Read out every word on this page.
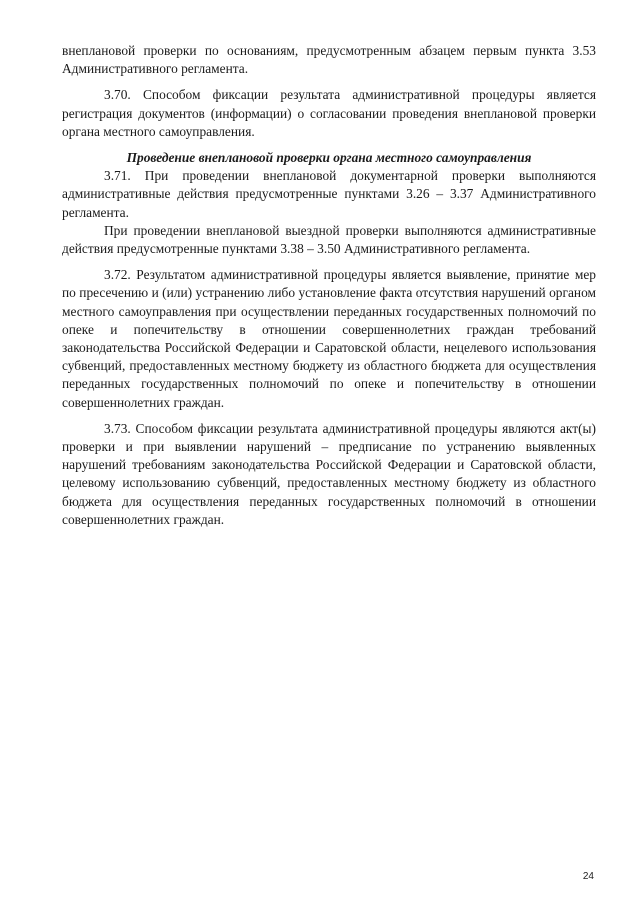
внеплановой проверки по основаниям, предусмотренным абзацем первым пункта 3.53 Административного регламента.

3.70. Способом фиксации результата административной процедуры является регистрация документов (информации) о согласовании проведения внеплановой проверки органа местного самоуправления.

Проведение внеплановой проверки органа местного самоуправления

3.71. При проведении внеплановой документарной проверки выполняются административные действия предусмотренные пунктами 3.26 – 3.37 Административного регламента.

При проведении внеплановой выездной проверки выполняются административные действия предусмотренные пунктами 3.38 – 3.50 Административного регламента.

3.72. Результатом административной процедуры является выявление, принятие мер по пресечению и (или) устранению либо установление факта отсутствия нарушений органом местного самоуправления при осуществлении переданных государственных полномочий по опеке и попечительству в отношении совершеннолетних граждан требований законодательства Российской Федерации и Саратовской области, нецелевого использования субвенций, предоставленных местному бюджету из областного бюджета для осуществления переданных государственных полномочий по опеке и попечительству в отношении совершеннолетних граждан.

3.73. Способом фиксации результата административной процедуры являются акт(ы) проверки и при выявлении нарушений – предписание по устранению выявленных нарушений требованиям законодательства Российской Федерации и Саратовской области, целевому использованию субвенций, предоставленных местному бюджету из областного бюджета для осуществления переданных государственных полномочий в отношении совершеннолетних граждан.

24
